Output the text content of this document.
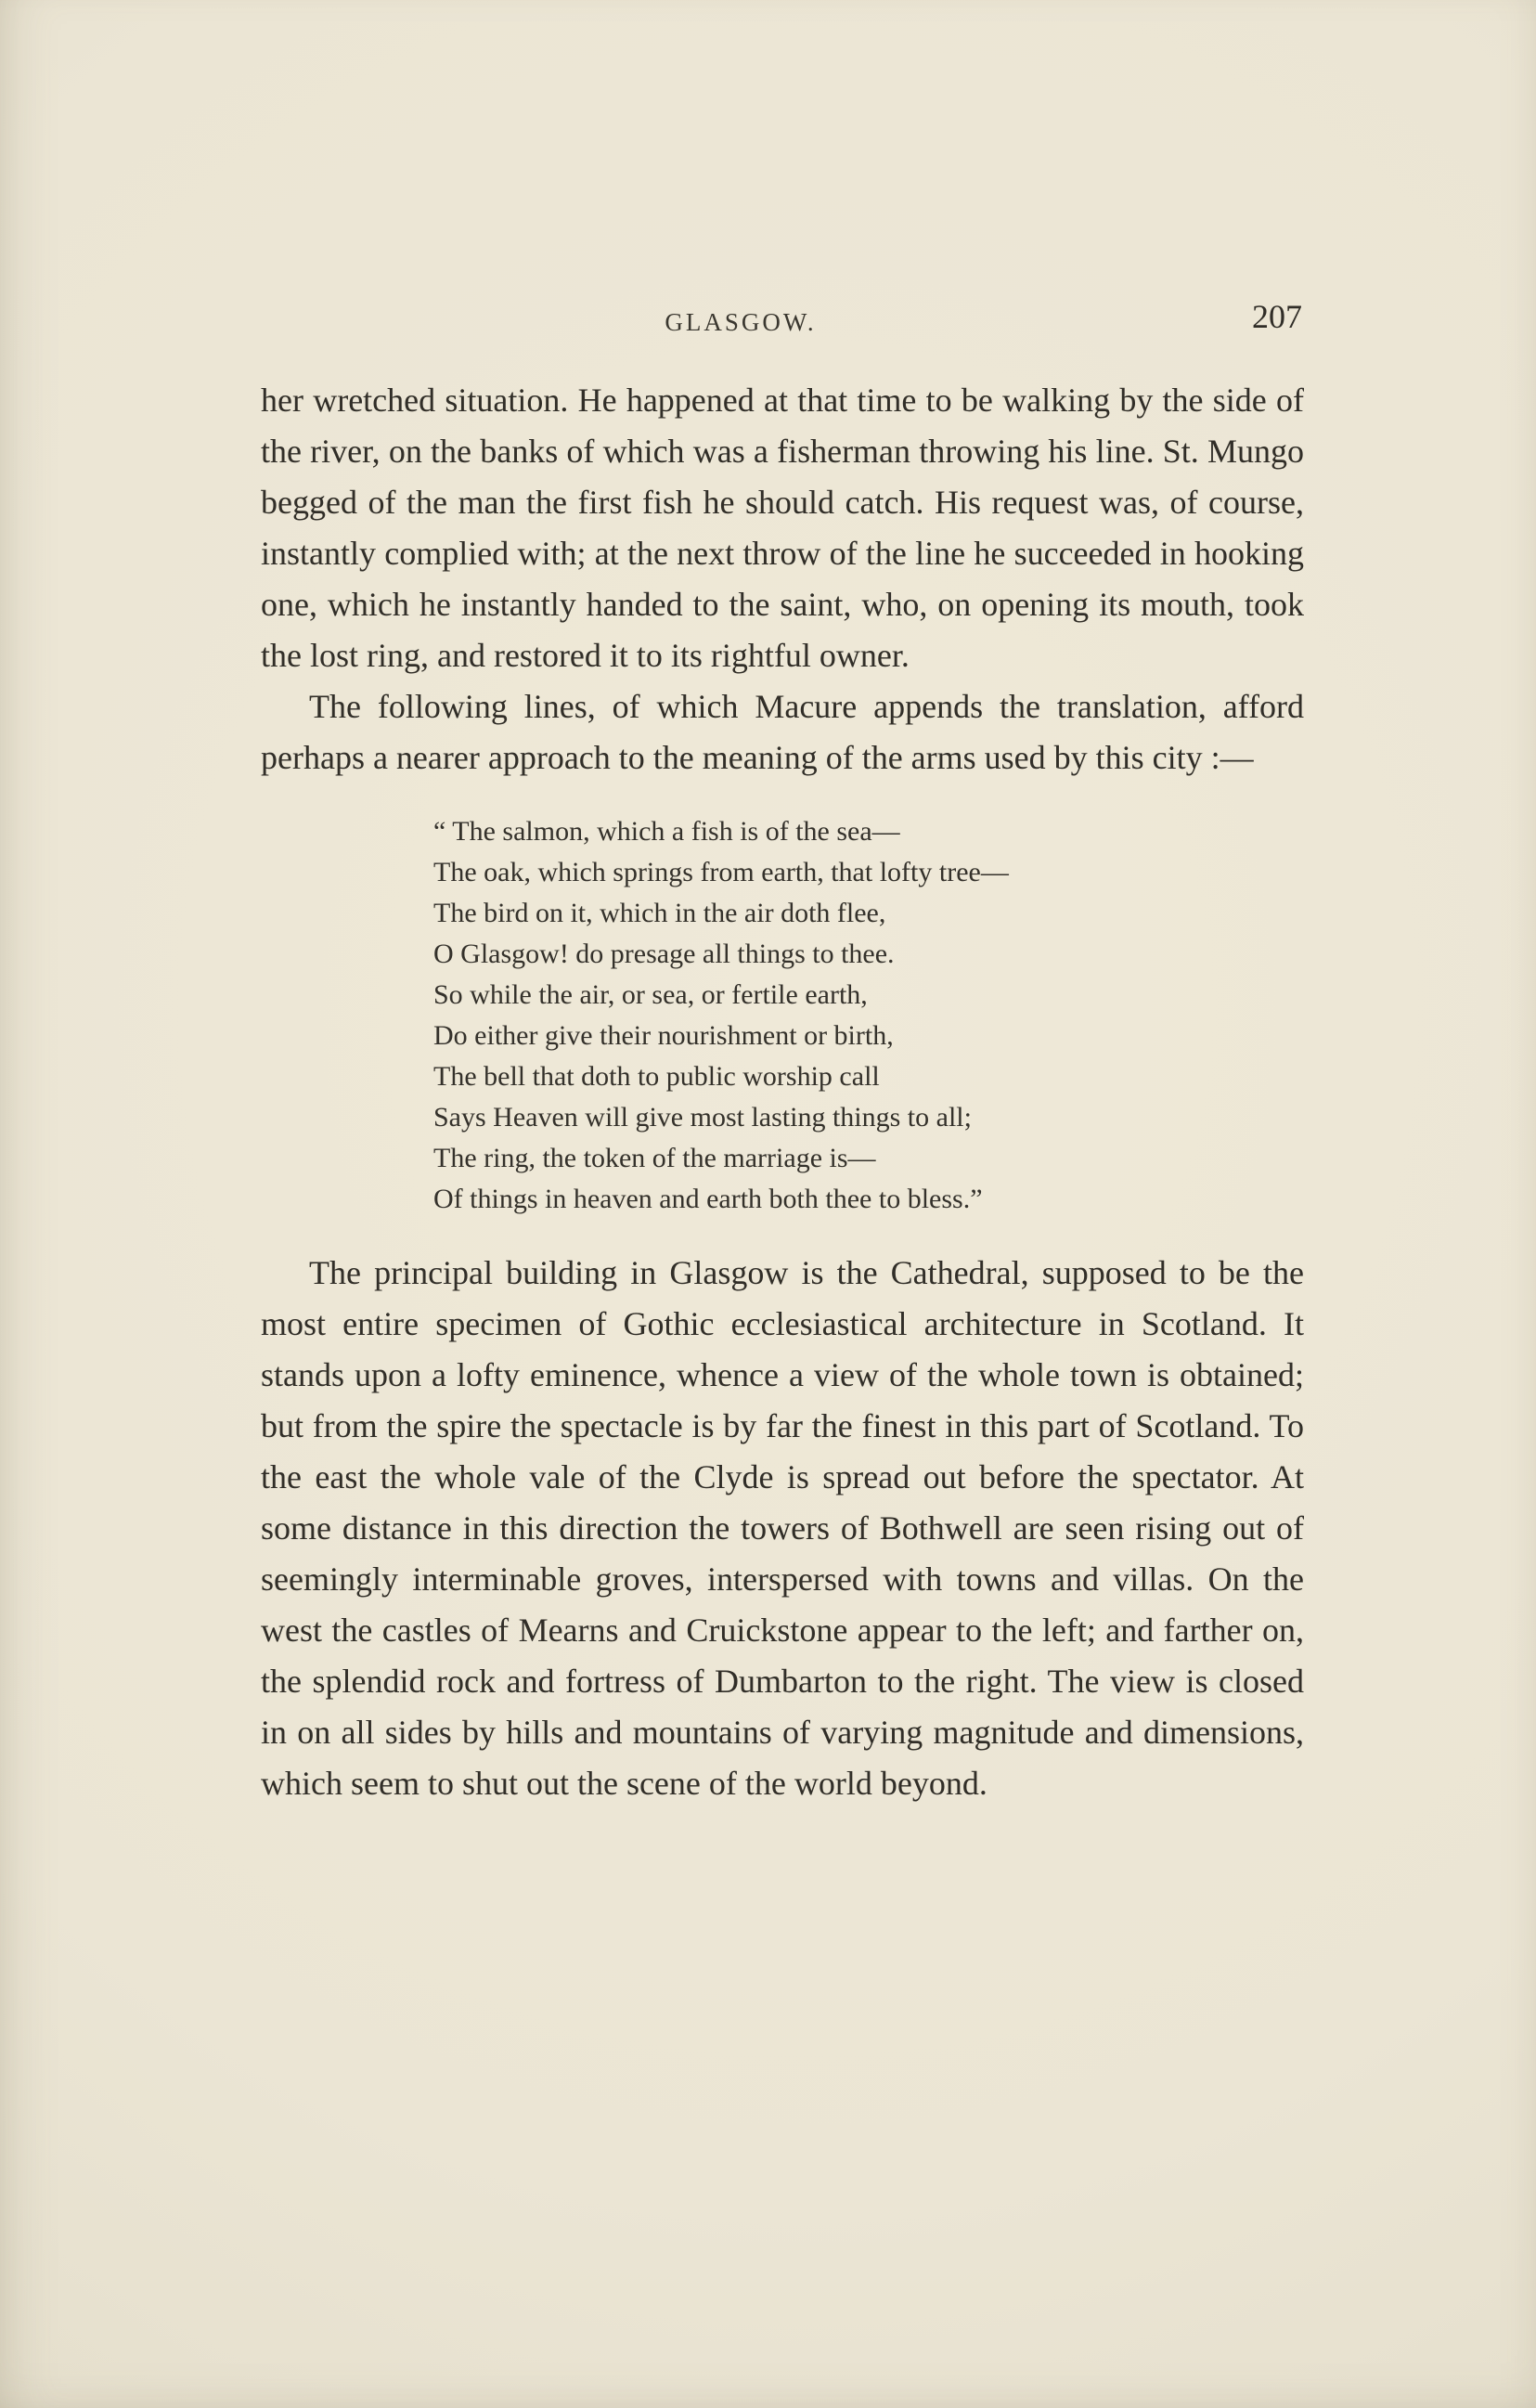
GLASGOW.	207

her wretched situation. He happened at that time to be walking by the side of the river, on the banks of which was a fisherman throwing his line. St. Mungo begged of the man the first fish he should catch. His request was, of course, instantly complied with; at the next throw of the line he succeeded in hooking one, which he instantly handed to the saint, who, on opening its mouth, took the lost ring, and restored it to its rightful owner.

The following lines, of which Macure appends the translation, afford perhaps a nearer approach to the meaning of the arms used by this city :—

“ The salmon, which a fish is of the sea—
The oak, which springs from earth, that lofty tree—
The bird on it, which in the air doth flee,
O Glasgow! do presage all things to thee.
So while the air, or sea, or fertile earth,
Do either give their nourishment or birth,
The bell that doth to public worship call
Says Heaven will give most lasting things to all;
The ring, the token of the marriage is—
Of things in heaven and earth both thee to bless.”

The principal building in Glasgow is the Cathedral, supposed to be the most entire specimen of Gothic ecclesiastical architecture in Scotland. It stands upon a lofty eminence, whence a view of the whole town is obtained; but from the spire the spectacle is by far the finest in this part of Scotland. To the east the whole vale of the Clyde is spread out before the spectator. At some distance in this direction the towers of Bothwell are seen rising out of seemingly interminable groves, interspersed with towns and villas. On the west the castles of Mearns and Cruickstone appear to the left; and farther on, the splendid rock and fortress of Dumbarton to the right. The view is closed in on all sides by hills and mountains of varying magnitude and dimensions, which seem to shut out the scene of the world beyond.
